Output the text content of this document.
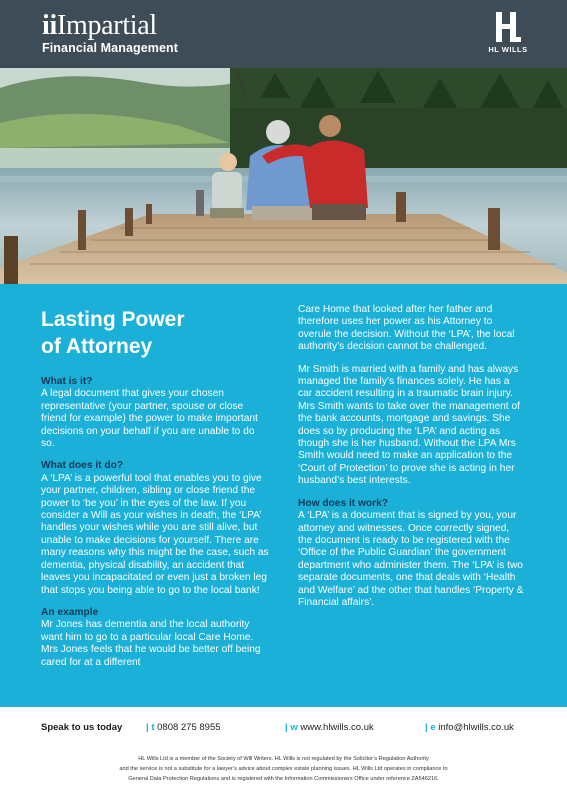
iiImpartial
Financial Management	HL WILLS
Lasting Power
of Attorney
What is it?

A legal document that gives your chosen representative (your partner, spouse or close friend for example) the power to make important decisions on your behalf if you are unable to do so.

What does it do?

A ‘LPA’ is a powerful tool that enables you to give your partner, children, sibling or close friend the power to ‘be you’ in the eyes of the law. If you consider a Will as your wishes in death, the ‘LPA’ handles your wishes while you are still alive, but unable to make decisions for yourself. There are many reasons why this might be the case, such as dementia, physical disability, an accident that leaves you incapacitated or even just a broken leg that stops you being able to go to the local bank!

An example

Mr Jones has dementia and the local authority want him to go to a particular local Care Home. Mrs Jones feels that he would be better off being cared for at a different

Care Home that looked after her father and therefore uses her power as his Attorney to overule the decision. Without the ‘LPA’, the local authority’s decision cannot be challenged.

Mr Smith is married with a family and has always managed the family’s finances solely. He has a car accident resulting in a traumatic brain injury. Mrs Smith wants to take over the management of the bank accounts, mortgage and savings. She does so by producing the ‘LPA’ and acting as though she is her husband. Without the LPA Mrs Smith would need to make an application to the ‘Court of Protection’ to prove she is acting in her husband’s best interests.

How does it work?

A ‘LPA’ is a document that is signed by you, your attorney and witnesses. Once correctly signed, the document is ready to be registered with the ‘Office of the Public Guardian’ the government department who administer them. The ‘LPA’ is two separate documents, one that deals with ‘Health and Welfare’ ad the other that handles ‘Property & Financial affairs’.

Speak to us today | t 0808 275 8955	| w www.hlwills.co.uk	| e info@hlwills.co.uk
HL Wills Ltd is a member of the Society of Will Writers. HL Wills is not regulated by the Solicitor’s Regulation Authority
and the service is not a substitute for a lawyer’s advice about complex estate planning issues. HL Wills Ltd operates in compliance to
General Data Protection Regulations and is registered with the Information Commissioners Office under reference ZA546216.
